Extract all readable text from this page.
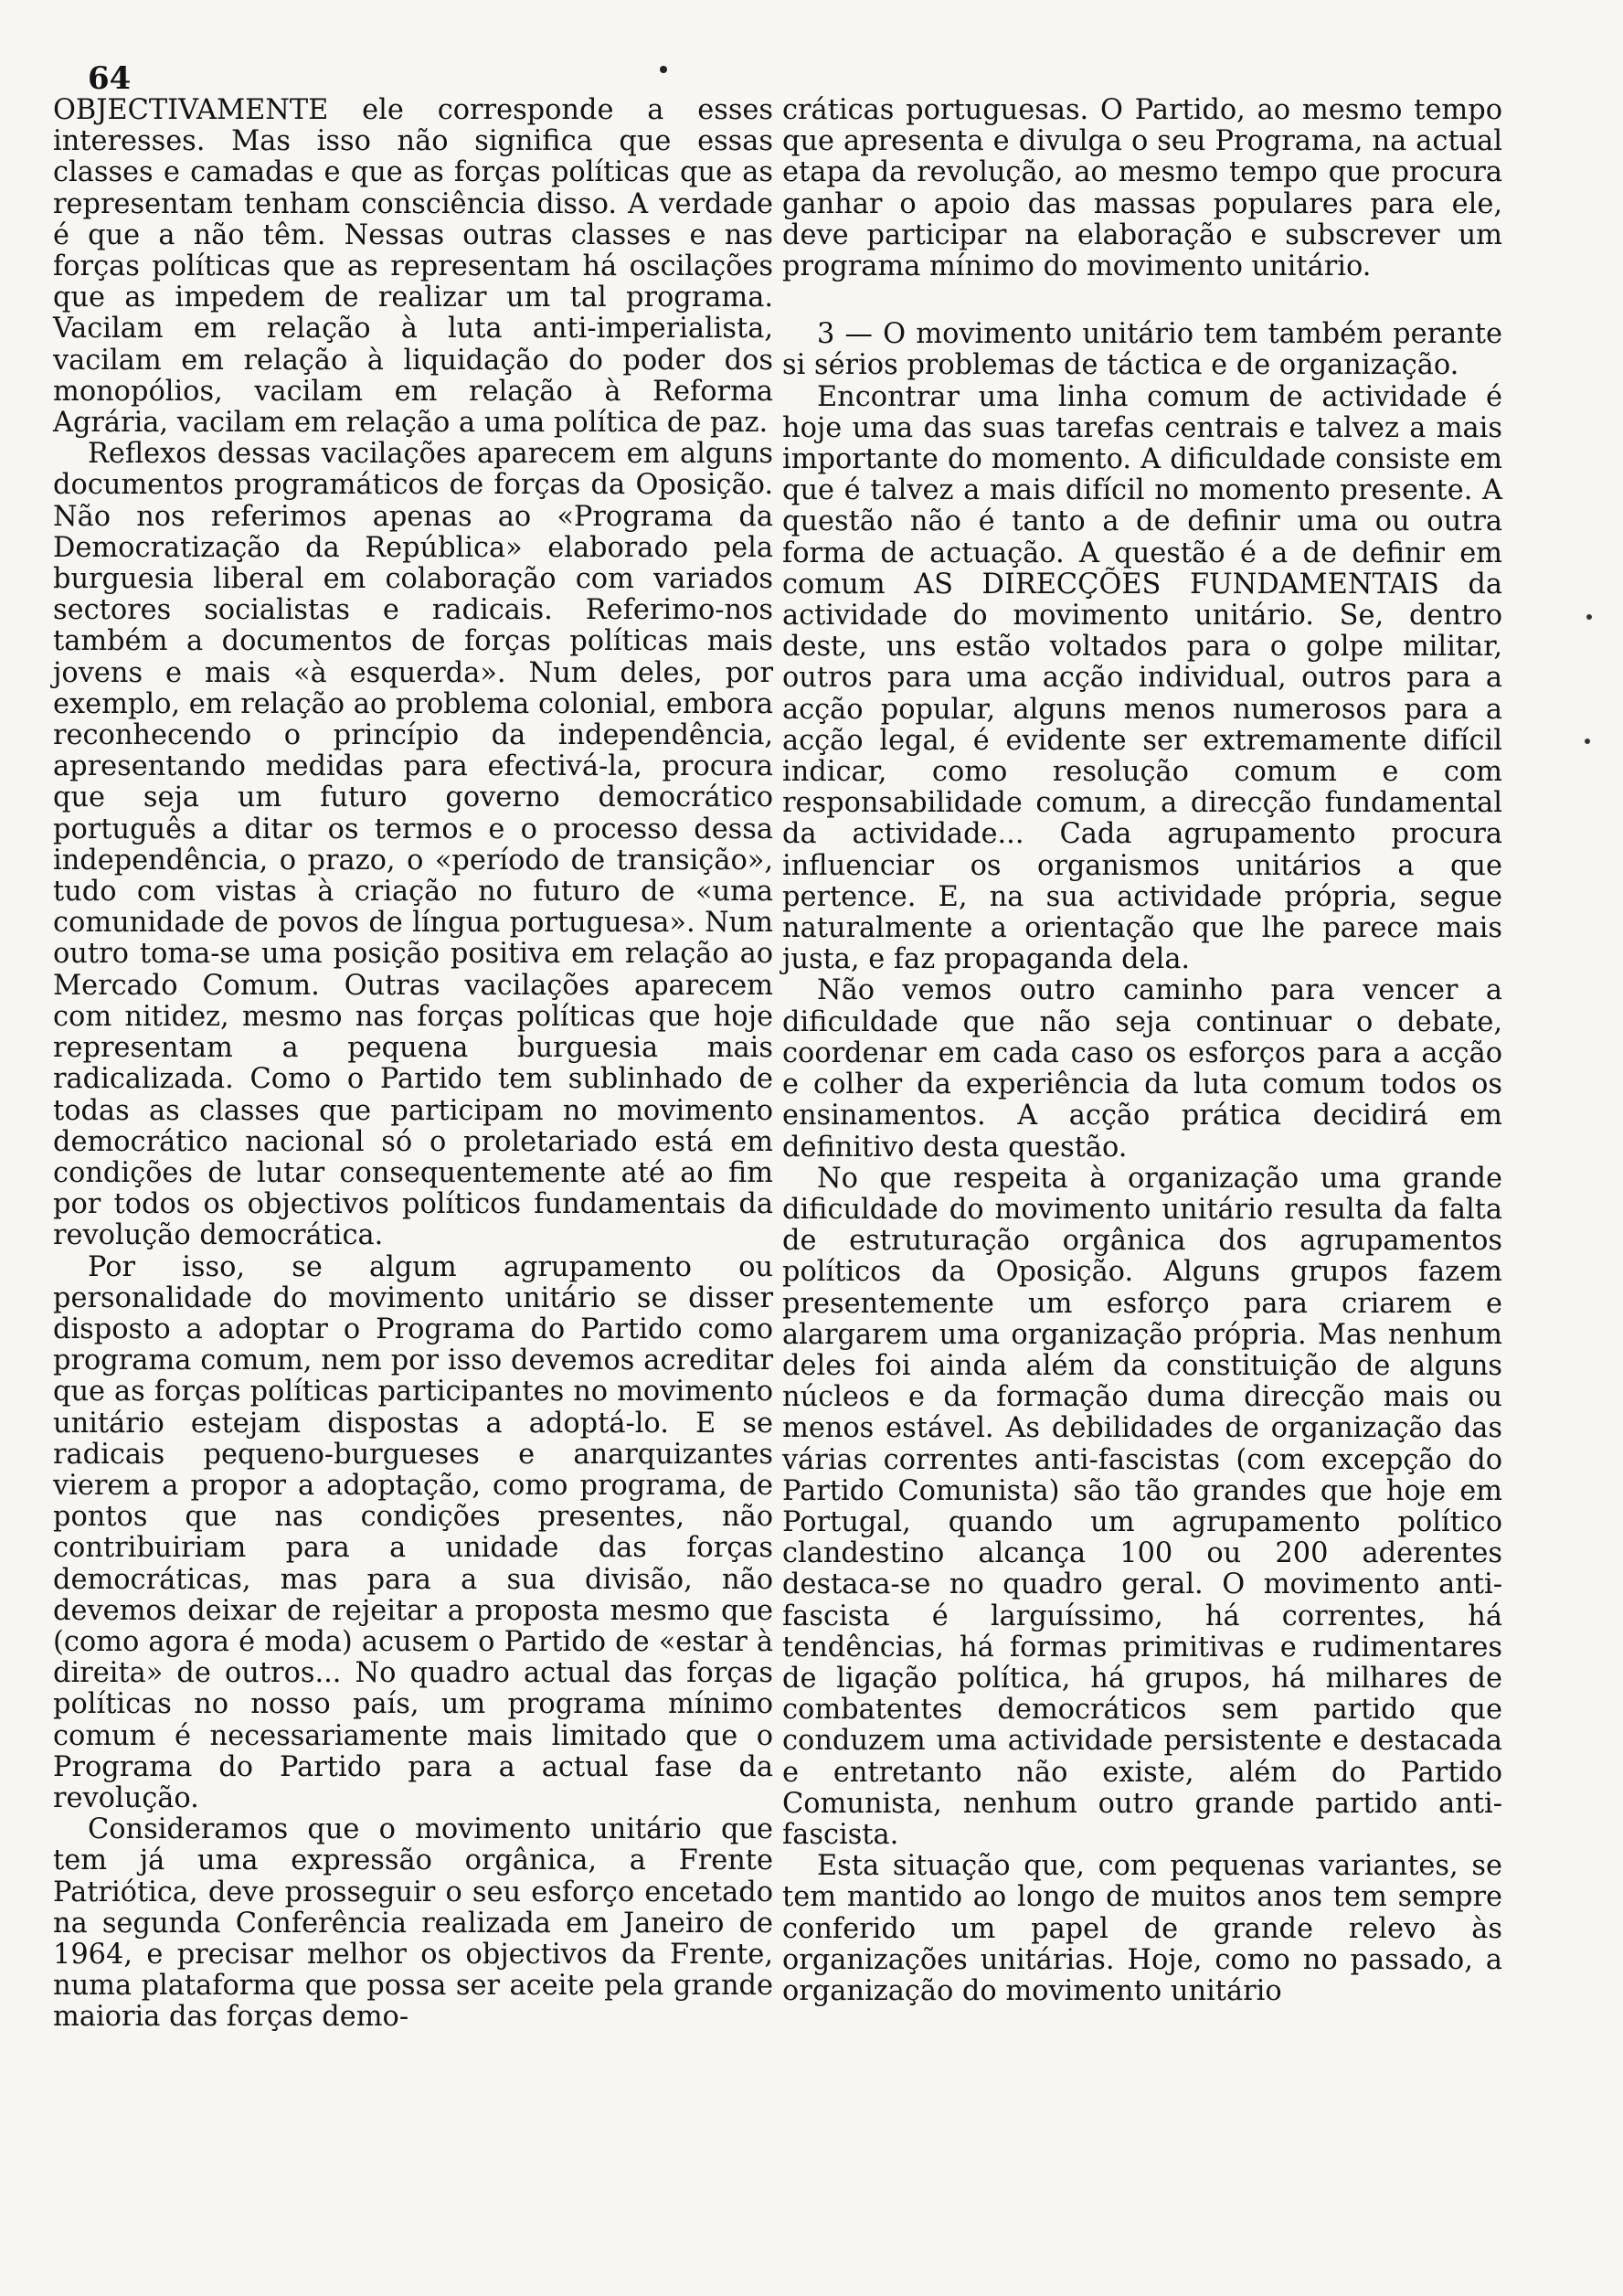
64

OBJECTIVAMENTE ele corresponde a esses interesses. Mas isso não significa que essas classes e camadas e que as forças políticas que as representam tenham consciência disso. A verdade é que a não têm. Nessas outras classes e nas forças políticas que as representam há oscilações que as impedem de realizar um tal programa. Vacilam em relação à luta anti-imperialista, vacilam em relação à liquidação do poder dos monopólios, vacilam em relação à Reforma Agrária, vacilam em relação a uma política de paz.

Reflexos dessas vacilações aparecem em alguns documentos programáticos de forças da Oposição. Não nos referimos apenas ao «Programa da Democratização da República» elaborado pela burguesia liberal em colaboração com variados sectores socialistas e radicais. Referimo-nos também a documentos de forças políticas mais jovens e mais «à esquerda». Num deles, por exemplo, em relação ao problema colonial, embora reconhecendo o princípio da independência, apresentando medidas para efectivá-la, procura que seja um futuro governo democrático português a ditar os termos e o processo dessa independência, o prazo, o «período de transição», tudo com vistas à criação no futuro de «uma comunidade de povos de língua portuguesa». Num outro toma-se uma posição positiva em relação ao Mercado Comum. Outras vacilações aparecem com nitidez, mesmo nas forças políticas que hoje representam a pequena burguesia mais radicalizada. Como o Partido tem sublinhado de todas as classes que participam no movimento democrático nacional só o proletariado está em condições de lutar consequentemente até ao fim por todos os objectivos políticos fundamentais da revolução democrática.

Por isso, se algum agrupamento ou personalidade do movimento unitário se disser disposto a adoptar o Programa do Partido como programa comum, nem por isso devemos acreditar que as forças políticas participantes no movimento unitário estejam dispostas a adoptá-lo. E se radicais pequeno-burgueses e anarquizantes vierem a propor a adoptação, como programa, de pontos que nas condições presentes, não contribuiriam para a unidade das forças democráticas, mas para a sua divisão, não devemos deixar de rejeitar a proposta mesmo que (como agora é moda) acusem o Partido de «estar à direita» de outros... No quadro actual das forças políticas no nosso país, um programa mínimo comum é necessariamente mais limitado que o Programa do Partido para a actual fase da revolução.

Consideramos que o movimento unitário que tem já uma expressão orgânica, a Frente Patriótica, deve prosseguir o seu esforço encetado na segunda Conferência realizada em Janeiro de 1964, e precisar melhor os objectivos da Frente, numa plataforma que possa ser aceite pela grande maioria das forças demo-

cráticas portuguesas. O Partido, ao mesmo tempo que apresenta e divulga o seu Programa, na actual etapa da revolução, ao mesmo tempo que procura ganhar o apoio das massas populares para ele, deve participar na elaboração e subscrever um programa mínimo do movimento unitário.

3 — O movimento unitário tem também perante si sérios problemas de táctica e de organização.

Encontrar uma linha comum de actividade é hoje uma das suas tarefas centrais e talvez a mais importante do momento. A dificuldade consiste em que é talvez a mais difícil no momento presente. A questão não é tanto a de definir uma ou outra forma de actuação. A questão é a de definir em comum AS DIRECÇÕES FUNDAMENTAIS da actividade do movimento unitário. Se, dentro deste, uns estão voltados para o golpe militar, outros para uma acção individual, outros para a acção popular, alguns menos numerosos para a acção legal, é evidente ser extremamente difícil indicar, como resolução comum e com responsabilidade comum, a direcção fundamental da actividade... Cada agrupamento procura influenciar os organismos unitários a que pertence. E, na sua actividade própria, segue naturalmente a orientação que lhe parece mais justa, e faz propaganda dela.

Não vemos outro caminho para vencer a dificuldade que não seja continuar o debate, coordenar em cada caso os esforços para a acção e colher da experiência da luta comum todos os ensinamentos. A acção prática decidirá em definitivo desta questão.

No que respeita à organização uma grande dificuldade do movimento unitário resulta da falta de estruturação orgânica dos agrupamentos políticos da Oposição. Alguns grupos fazem presentemente um esforço para criarem e alargarem uma organização própria. Mas nenhum deles foi ainda além da constituição de alguns núcleos e da formação duma direcção mais ou menos estável. As debilidades de organização das várias correntes anti-fascistas (com excepção do Partido Comunista) são tão grandes que hoje em Portugal, quando um agrupamento político clandestino alcança 100 ou 200 aderentes destaca-se no quadro geral. O movimento anti-fascista é larguíssimo, há correntes, há tendências, há formas primitivas e rudimentares de ligação política, há grupos, há milhares de combatentes democráticos sem partido que conduzem uma actividade persistente e destacada e entretanto não existe, além do Partido Comunista, nenhum outro grande partido anti-fascista.

Esta situação que, com pequenas variantes, se tem mantido ao longo de muitos anos tem sempre conferido um papel de grande relevo às organizações unitárias. Hoje, como no passado, a organização do movimento unitário
